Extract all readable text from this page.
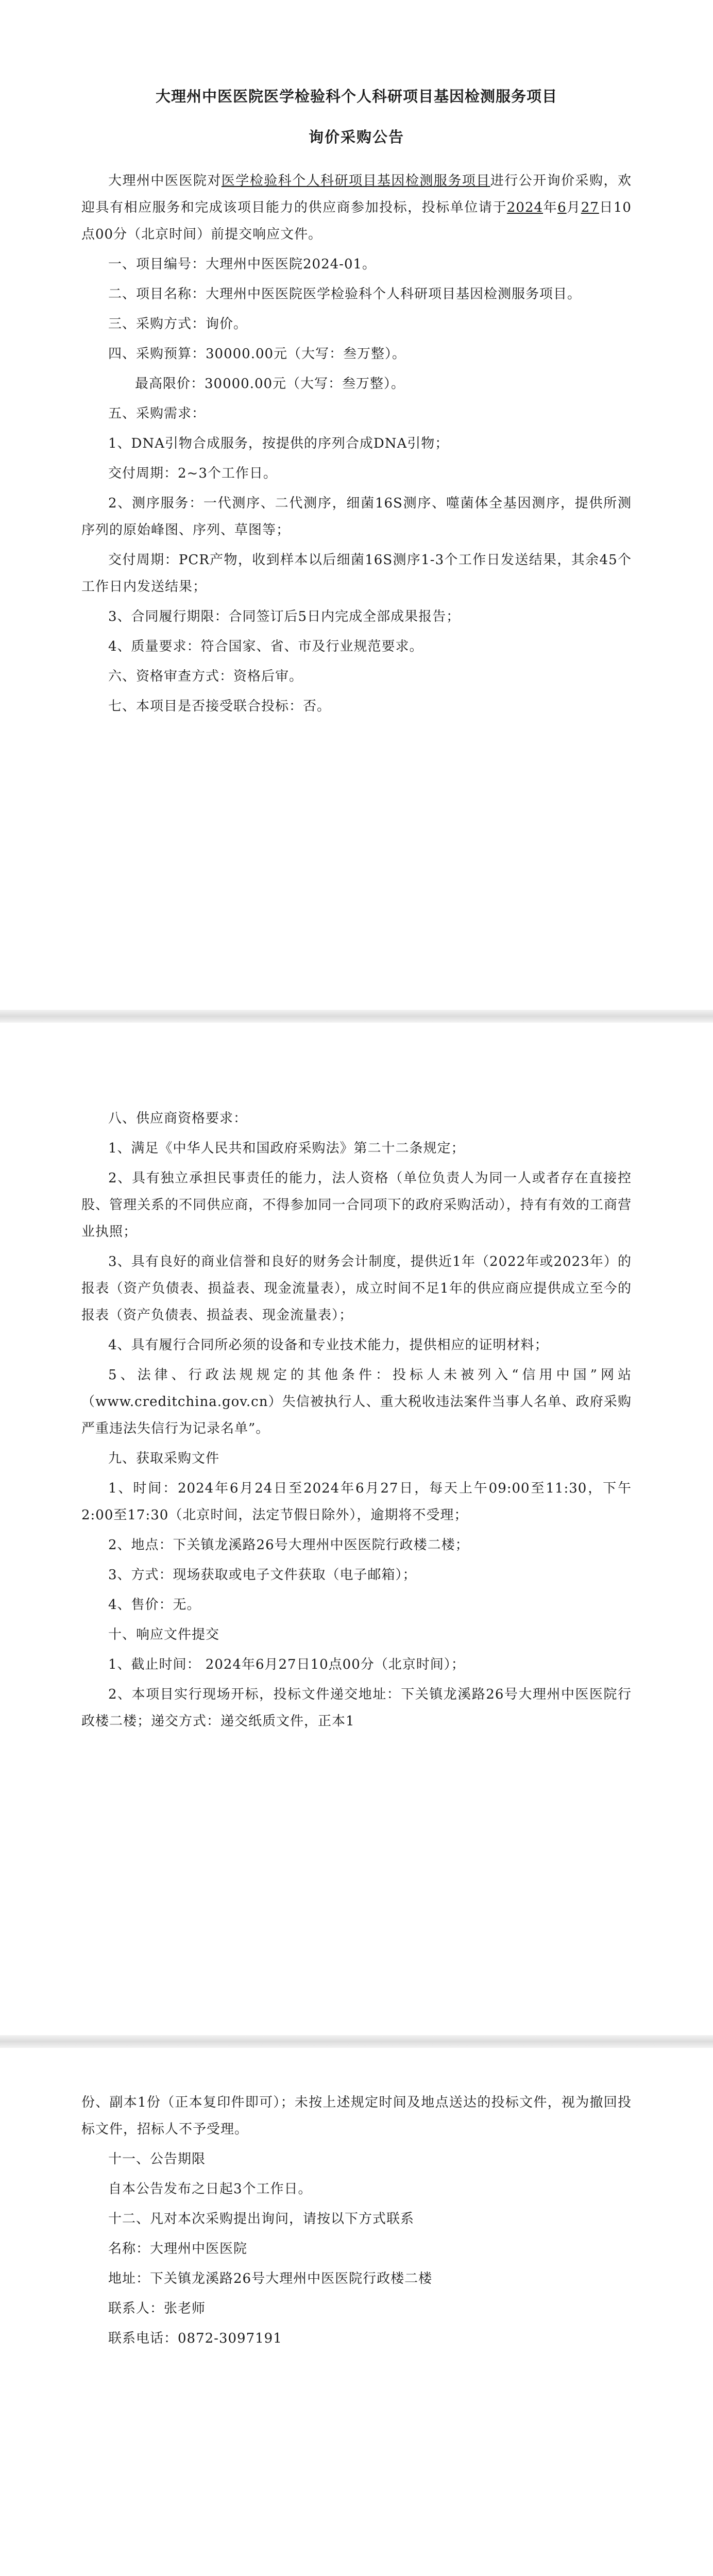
大理州中医医院医学检验科个人科研项目基因检测服务项目
询价采购公告

大理州中医医院对医学检验科个人科研项目基因检测服务项目进行公开询价采购，欢迎具有相应服务和完成该项目能力的供应商参加投标，投标单位请于2024年6月27日10点00分（北京时间）前提交响应文件。

一、项目编号：大理州中医医院2024-01。

二、项目名称：大理州中医医院医学检验科个人科研项目基因检测服务项目。

三、采购方式：询价。

四、采购预算：30000.00元（大写：叁万整）。

最高限价：30000.00元（大写：叁万整）。

五、采购需求：

1、DNA引物合成服务，按提供的序列合成DNA引物；

交付周期：2~3个工作日。

2、测序服务：一代测序、二代测序，细菌16S测序、噬菌体全基因测序，提供所测序列的原始峰图、序列、草图等；

交付周期：PCR产物，收到样本以后细菌16S测序1-3个工作日发送结果，其余45个工作日内发送结果；

3、合同履行期限：合同签订后5日内完成全部成果报告；

4、质量要求：符合国家、省、市及行业规范要求。

六、资格审查方式：资格后审。

七、本项目是否接受联合投标：否。

八、供应商资格要求：

1、满足《中华人民共和国政府采购法》第二十二条规定；

2、具有独立承担民事责任的能力，法人资格（单位负责人为同一人或者存在直接控股、管理关系的不同供应商，不得参加同一合同项下的政府采购活动），持有有效的工商营业执照；

3、具有良好的商业信誉和良好的财务会计制度，提供近1年（2022年或2023年）的报表（资产负债表、损益表、现金流量表），成立时间不足1年的供应商应提供成立至今的报表（资产负债表、损益表、现金流量表）；

4、具有履行合同所必须的设备和专业技术能力，提供相应的证明材料；

5、法律、行政法规规定的其他条件：投标人未被列入“信用中国”网站（www.creditchina.gov.cn）失信被执行人、重大税收违法案件当事人名单、政府采购严重违法失信行为记录名单”。

九、获取采购文件

1、时间：2024年6月24日至2024年6月27日，每天上午09:00至11:30，下午2:00至17:30（北京时间，法定节假日除外），逾期将不受理；

2、地点：下关镇龙溪路26号大理州中医医院行政楼二楼；

3、方式：现场获取或电子文件获取（电子邮箱）；

4、售价：无。

十、响应文件提交

1、截止时间： 2024年6月27日10点00分（北京时间）；

2、本项目实行现场开标，投标文件递交地址：下关镇龙溪路26号大理州中医医院行政楼二楼；递交方式：递交纸质文件，正本1

份、副本1份（正本复印件即可）；未按上述规定时间及地点送达的投标文件，视为撤回投标文件，招标人不予受理。

十一、公告期限

自本公告发布之日起3个工作日。

十二、凡对本次采购提出询问，请按以下方式联系

名称：大理州中医医院

地址：下关镇龙溪路26号大理州中医医院行政楼二楼

联系人：张老师

联系电话：0872-3097191
